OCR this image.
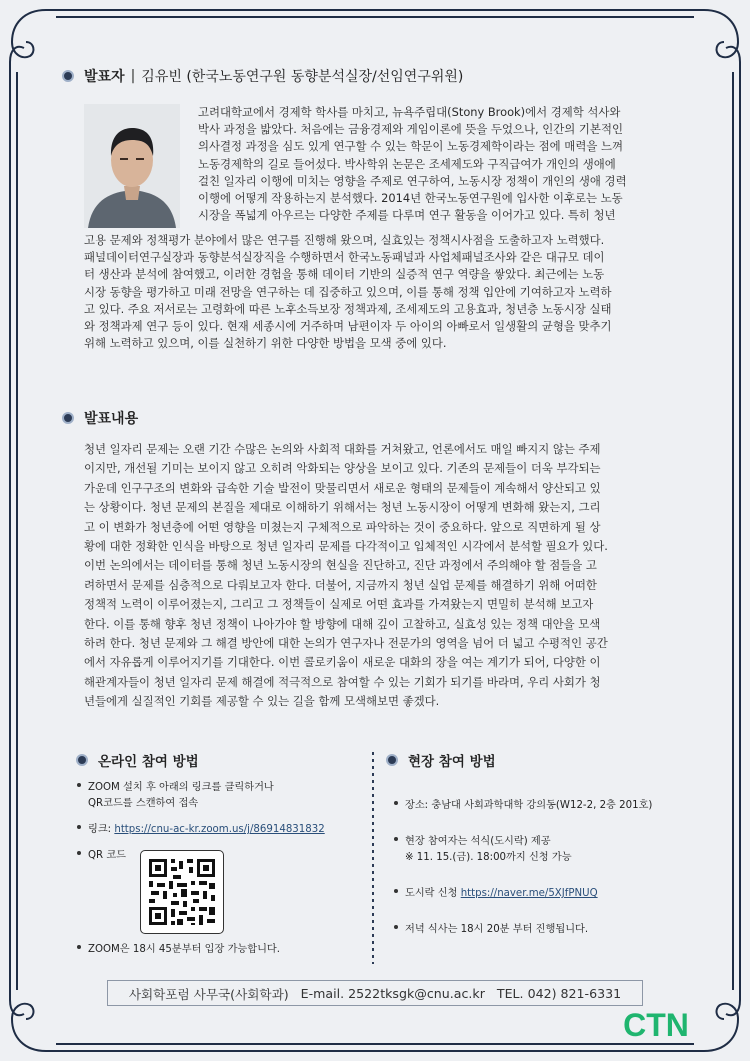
발표자 | 김유빈 (한국노동연구원 동향분석실장/선임연구위원)
고려대학교에서 경제학 학사를 마치고, 뉴욕주립대(Stony Brook)에서 경제학 석사와
박사 과정을 밟았다. 처음에는 금융경제와 게임이론에 뜻을 두었으나, 인간의 기본적인
의사결정 과정을 심도 있게 연구할 수 있는 학문이 노동경제학이라는 점에 매력을 느껴
노동경제학의 길로 들어섰다. 박사학위 논문은 조세제도와 구직급여가 개인의 생애에
걸친 일자리 이행에 미치는 영향을 주제로 연구하여, 노동시장 정책이 개인의 생애 경력
이행에 어떻게 작용하는지 분석했다. 2014년 한국노동연구원에 입사한 이후로는 노동
시장을 폭넓게 아우르는 다양한 주제를 다루며 연구 활동을 이어가고 있다. 특히 청년
고용 문제와 정책평가 분야에서 많은 연구를 진행해 왔으며, 실효있는 정책시사점을 도출하고자 노력했다.
패널데이터연구실장과 동향분석실장직을 수행하면서 한국노동패널과 사업체패널조사와 같은 대규모 데이
터 생산과 분석에 참여했고, 이러한 경험을 통해 데이터 기반의 실증적 연구 역량을 쌓았다. 최근에는 노동
시장 동향을 평가하고 미래 전망을 연구하는 데 집중하고 있으며, 이를 통해 정책 입안에 기여하고자 노력하
고 있다. 주요 저서로는 고령화에 따른 노후소득보장 정책과제, 조세제도의 고용효과, 청년층 노동시장 실태
와 정책과제 연구 등이 있다. 현재 세종시에 거주하며 남편이자 두 아이의 아빠로서 일생활의 균형을 맞추기
위해 노력하고 있으며, 이를 실천하기 위한 다양한 방법을 모색 중에 있다.
발표내용
청년 일자리 문제는 오랜 기간 수많은 논의와 사회적 대화를 거쳐왔고, 언론에서도 매일 빠지지 않는 주제
이지만, 개선될 기미는 보이지 않고 오히려 악화되는 양상을 보이고 있다. 기존의 문제들이 더욱 부각되는
가운데 인구구조의 변화와 급속한 기술 발전이 맞물리면서 새로운 형태의 문제들이 계속해서 양산되고 있
는 상황이다. 청년 문제의 본질을 제대로 이해하기 위해서는 청년 노동시장이 어떻게 변화해 왔는지, 그리
고 이 변화가 청년층에 어떤 영향을 미쳤는지 구체적으로 파악하는 것이 중요하다. 앞으로 직면하게 될 상
황에 대한 정확한 인식을 바탕으로 청년 일자리 문제를 다각적이고 입체적인 시각에서 분석할 필요가 있다.
이번 논의에서는 데이터를 통해 청년 노동시장의 현실을 진단하고, 진단 과정에서 주의해야 할 점들을 고
려하면서 문제를 심층적으로 다뤄보고자 한다. 더불어, 지금까지 청년 실업 문제를 해결하기 위해 어떠한
정책적 노력이 이루어졌는지, 그리고 그 정책들이 실제로 어떤 효과를 가져왔는지 면밀히 분석해 보고자
한다. 이를 통해 향후 청년 정책이 나아가야 할 방향에 대해 깊이 고찰하고, 실효성 있는 정책 대안을 모색
하려 한다. 청년 문제와 그 해결 방안에 대한 논의가 연구자나 전문가의 영역을 넘어 더 넓고 수평적인 공간
에서 자유롭게 이루어지기를 기대한다. 이번 콜로키움이 새로운 대화의 장을 여는 계기가 되어, 다양한 이
해관계자들이 청년 일자리 문제 해결에 적극적으로 참여할 수 있는 기회가 되기를 바라며, 우리 사회가 청
년들에게 실질적인 기회를 제공할 수 있는 길을 함께 모색해보면 좋겠다.
온라인 참여 방법
ZOOM 설치 후 아래의 링크를 클릭하거나
QR코드를 스캔하여 접속
링크: https://cnu-ac-kr.zoom.us/j/86914831832
QR 코드
ZOOM은 18시 45분부터 입장 가능합니다.
현장 참여 방법
장소: 충남대 사회과학대학 강의동(W12-2, 2층 201호)
현장 참여자는 석식(도시락) 제공
※ 11. 15.(금). 18:00까지 신청 가능
도시락 신청 https://naver.me/5XJfPNUQ
저녁 식사는 18시 20분 부터 진행됩니다.
사회학포럼 사무국(사회학과) E-mail. 2522tksgk@cnu.ac.kr TEL. 042) 821-6331
CTN
